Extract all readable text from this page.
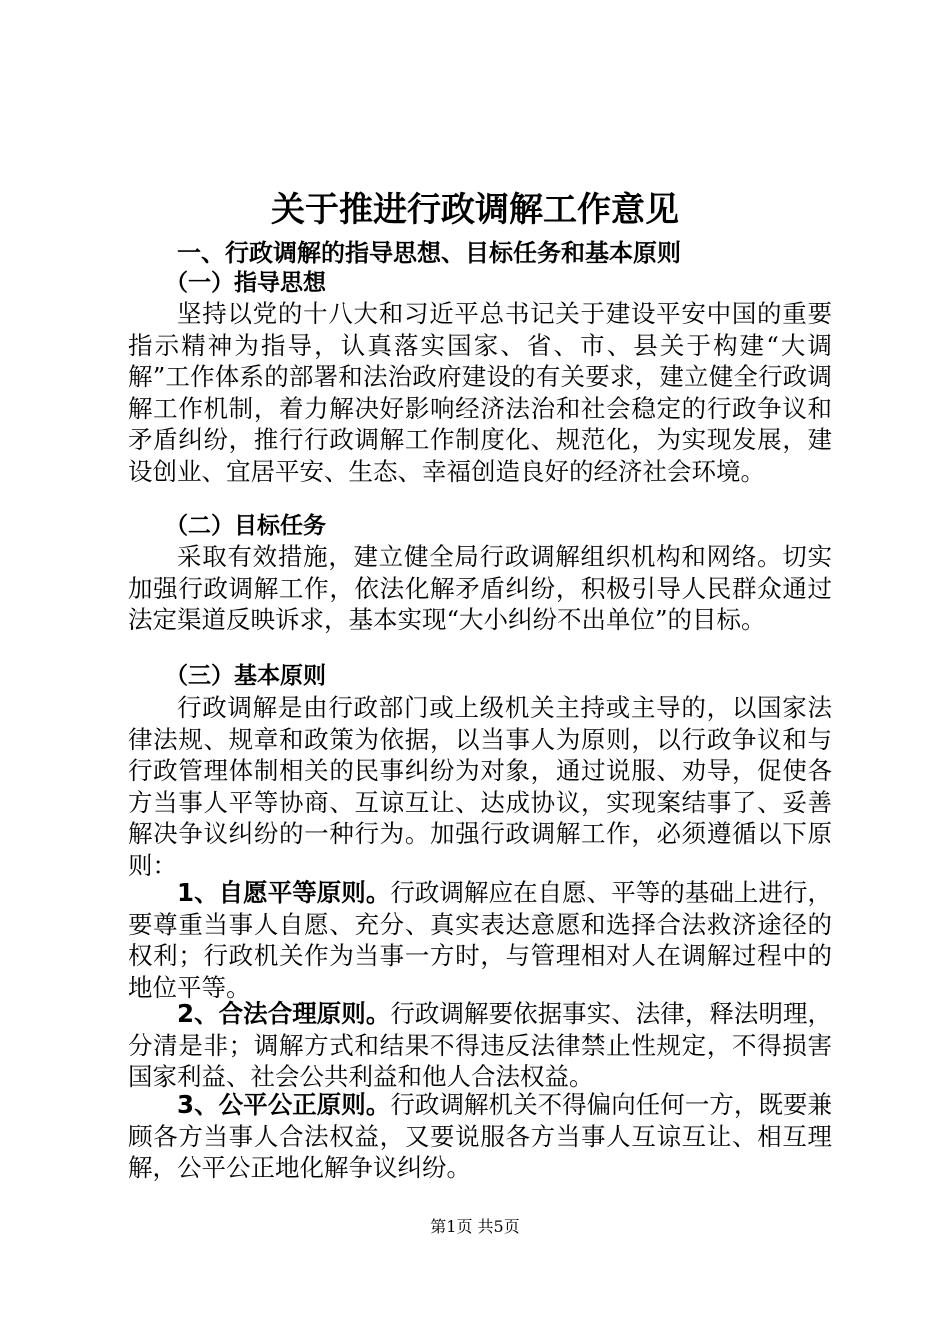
关于推进行政调解工作意见
一、行政调解的指导思想、目标任务和基本原则
（一）指导思想

坚持以党的十八大和习近平总书记关于建设平安中国的重要指示精神为指导，认真落实国家、省、市、县关于构建“大调解”工作体系的部署和法治政府建设的有关要求，建立健全行政调解工作机制，着力解决好影响经济法治和社会稳定的行政争议和矛盾纠纷，推行行政调解工作制度化、规范化，为实现发展，建设创业、宜居平安、生态、幸福创造良好的经济社会环境。

（二）目标任务

采取有效措施，建立健全局行政调解组织机构和网络。切实加强行政调解工作，依法化解矛盾纠纷，积极引导人民群众通过法定渠道反映诉求，基本实现“大小纠纷不出单位”的目标。

（三）基本原则

行政调解是由行政部门或上级机关主持或主导的，以国家法律法规、规章和政策为依据，以当事人为原则，以行政争议和与行政管理体制相关的民事纠纷为对象，通过说服、劝导，促使各方当事人平等协商、互谅互让、达成协议，实现案结事了、妥善解决争议纠纷的一种行为。加强行政调解工作，必须遵循以下原则：

1、自愿平等原则。行政调解应在自愿、平等的基础上进行，要尊重当事人自愿、充分、真实表达意愿和选择合法救济途径的权利；行政机关作为当事一方时，与管理相对人在调解过程中的地位平等。

2、合法合理原则。行政调解要依据事实、法律，释法明理，分清是非；调解方式和结果不得违反法律禁止性规定，不得损害国家利益、社会公共利益和他人合法权益。

3、公平公正原则。行政调解机关不得偏向任何一方，既要兼顾各方当事人合法权益，又要说服各方当事人互谅互让、相互理解，公平公正地化解争议纠纷。

第1页 共5页
